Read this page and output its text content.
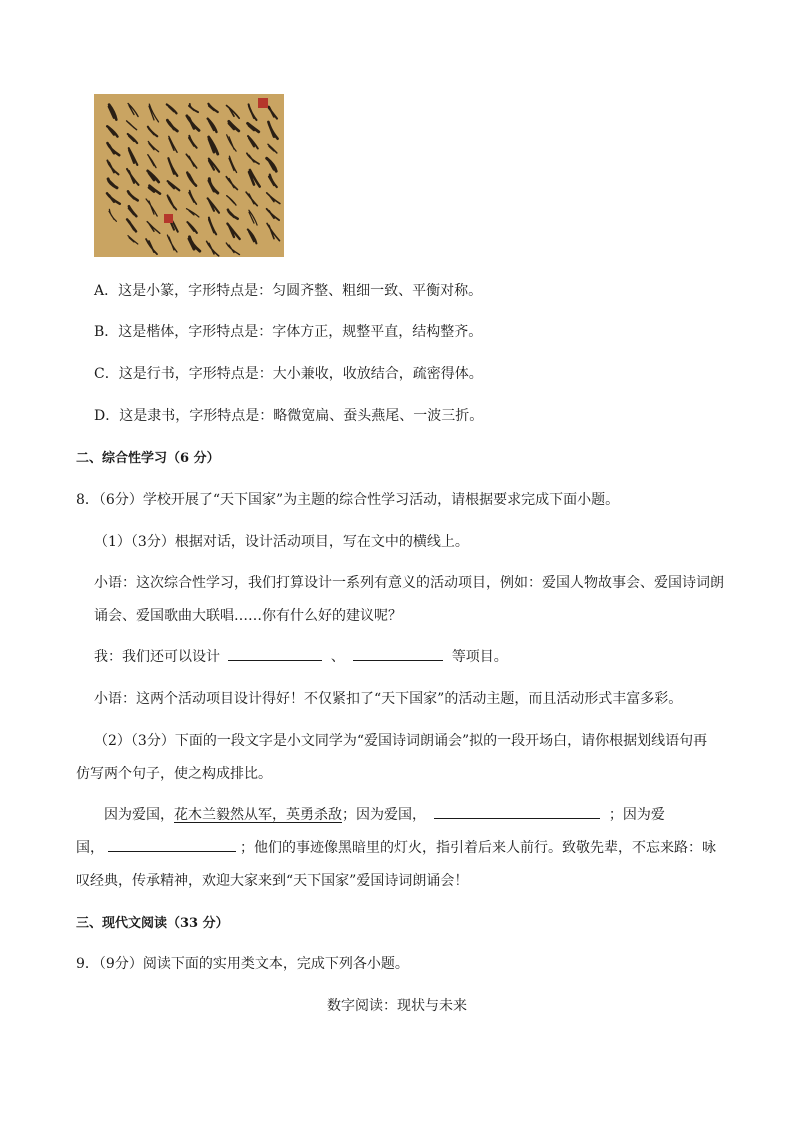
A．这是小篆，字形特点是：匀圆齐整、粗细一致、平衡对称。
B．这是楷体，字形特点是：字体方正，规整平直，结构整齐。
C．这是行书，字形特点是：大小兼收，收放结合，疏密得体。
D．这是隶书，字形特点是：略微宽扁、蚕头燕尾、一波三折。
二、综合性学习（6 分）
8．（6分）学校开展了“天下国家”为主题的综合性学习活动，请根据要求完成下面小题。
（1）（3分）根据对话，设计活动项目，写在文中的横线上。
小语：这次综合性学习，我们打算设计一系列有意义的活动项目，例如：爱国人物故事会、爱国诗词朗
诵会、爱国歌曲大联唱……你有什么好的建议呢？
我：我们还可以设计	、	等项目。
小语：这两个活动项目设计得好！不仅紧扣了“天下国家”的活动主题，而且活动形式丰富多彩。
（2）（3分）下面的一段文字是小文同学为“爱国诗词朗诵会”拟的一段开场白，请你根据划线语句再
仿写两个句子，使之构成排比。
因为爱国，花木兰毅然从军，英勇杀敌；因为爱国，	；因为爱
国，	；他们的事迹像黑暗里的灯火，指引着后来人前行。致敬先辈，不忘来路：咏
叹经典，传承精神，欢迎大家来到“天下国家”爱国诗词朗诵会！
三、现代文阅读（33 分）
9．（9分）阅读下面的实用类文本，完成下列各小题。
数字阅读：现状与未来
